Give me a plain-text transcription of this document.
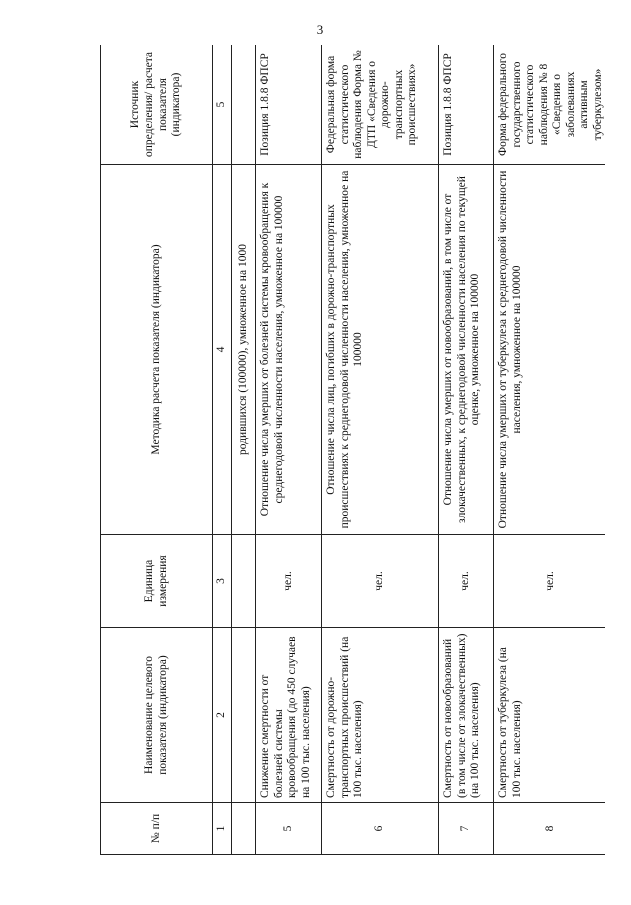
3
№ п/п	Наименование целевого показателя (индикатора)	Единица измерения	Методика расчета показателя (индикатора)	Источник определения/ расчета показателя (индикатора)
1	2	3	4	5
			родившихся (100000), умноженное на 1000	
5	Снижение смертности от болезней системы кровообращения (до 450 случаев на 100 тыс. населения)	чел.	Отношение числа умерших от болезней системы кровообращения к среднегодовой численности населения, умноженное на 100000	Позиция 1.8.8 ФПСР
6	Смертность от дорожно-транспортных происшествий (на 100 тыс. населения)	чел.	Отношение числа лиц, погибших в дорожно-транспортных происшествиях к среднегодовой численности населения, умноженное на 100000	Федеральная форма статистического наблюдения Форма № ДТП «Сведения о дорожно-транспортных происшествиях»
7	Смертность от новообразований (в том числе от злокачественных) (на 100 тыс. населения)	чел.	Отношение числа умерших от новообразований, в том числе от злокачественных, к среднегодовой численности населения по текущей оценке, умноженное на 100000	Позиция 1.8.8 ФПСР
8	Смертность от туберкулеза (на 100 тыс. населения)	чел.	Отношение числа умерших от туберкулеза к среднегодовой численности населения, умноженное на 100000	Форма федерального государственного статистического наблюдения № 8 «Сведения о заболеваниях активным туберкулезом»
